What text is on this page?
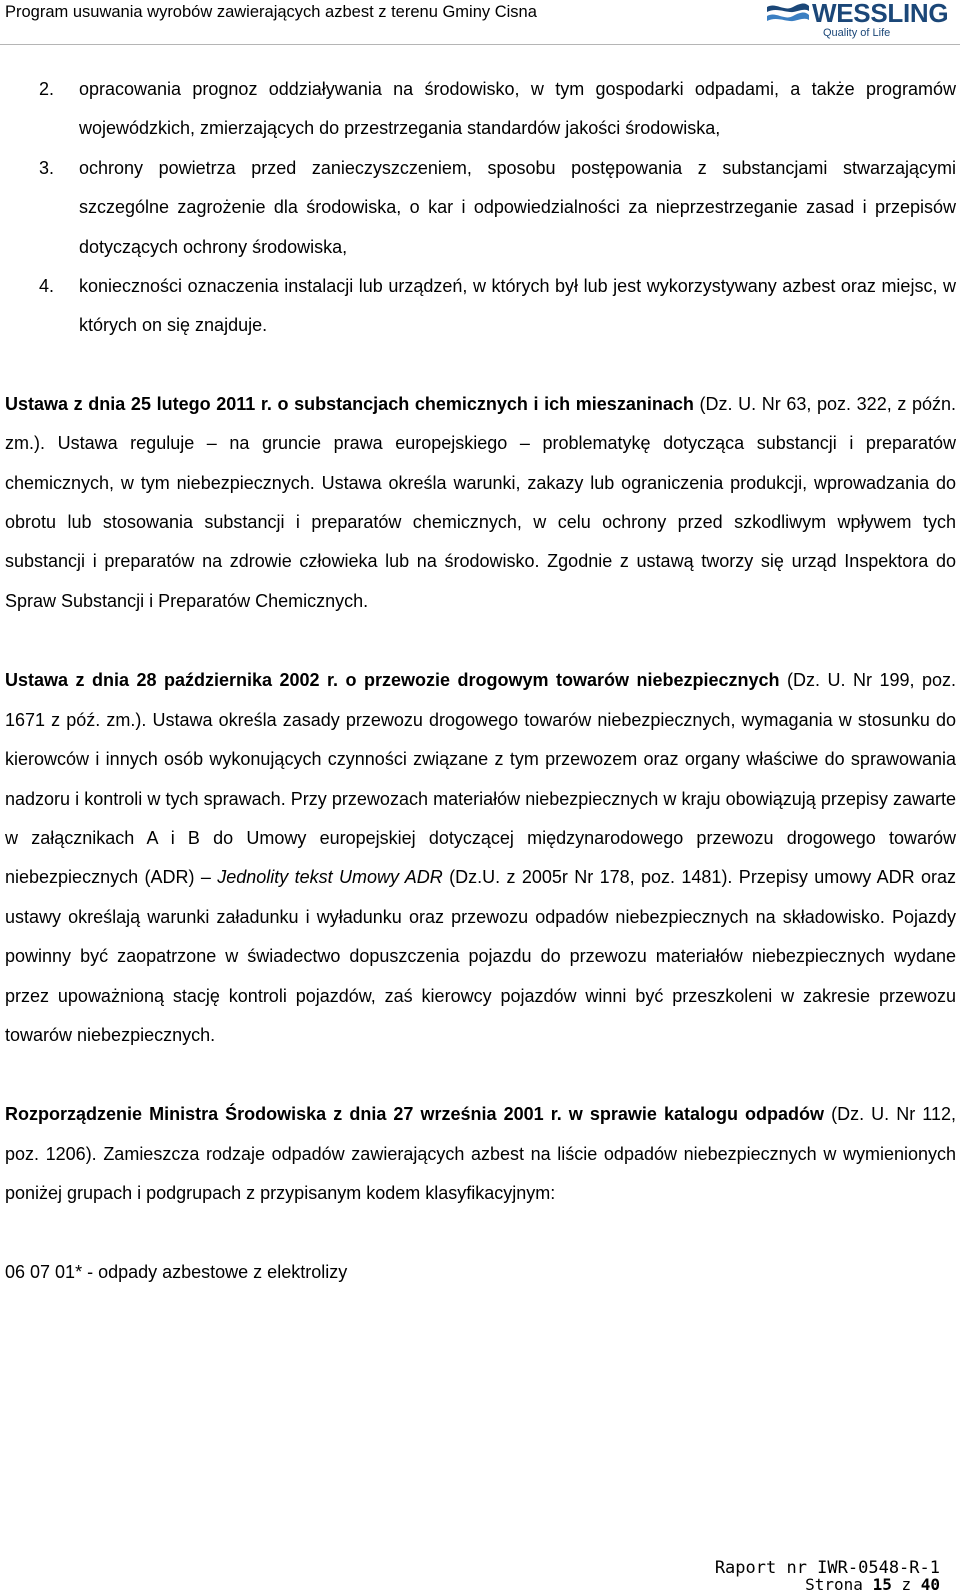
Program usuwania wyrobów zawierających azbest z terenu Gminy Cisna	WESSLING
Quality of Life
2. opracowania prognoz oddziaływania na środowisko, w tym gospodarki odpadami, a także programów wojewódzkich, zmierzających do przestrzegania standardów jakości środowiska,
3. ochrony powietrza przed zanieczyszczeniem, sposobu postępowania z substancjami stwarzającymi szczególne zagrożenie dla środowiska, o kar i odpowiedzialności za nieprzestrzeganie zasad i przepisów dotyczących ochrony środowiska,
4. konieczności oznaczenia instalacji lub urządzeń, w których był lub jest wykorzystywany azbest oraz miejsc, w których on się znajduje.

Ustawa z dnia 25 lutego 2011 r. o substancjach chemicznych i ich mieszaninach (Dz. U. Nr 63, poz. 322, z późn. zm.). Ustawa reguluje – na gruncie prawa europejskiego – problematykę dotycząca substancji i preparatów chemicznych, w tym niebezpiecznych. Ustawa określa warunki, zakazy lub ograniczenia produkcji, wprowadzania do obrotu lub stosowania substancji i preparatów chemicznych, w celu ochrony przed szkodliwym wpływem tych substancji i preparatów na zdrowie człowieka lub na środowisko. Zgodnie z ustawą tworzy się urząd Inspektora do Spraw Substancji i Preparatów Chemicznych.

Ustawa z dnia 28 października 2002 r. o przewozie drogowym towarów niebezpiecznych (Dz. U. Nr 199, poz. 1671 z póź. zm.). Ustawa określa zasady przewozu drogowego towarów niebezpiecznych, wymagania w stosunku do kierowców i innych osób wykonujących czynności związane z tym przewozem oraz organy właściwe do sprawowania nadzoru i kontroli w tych sprawach. Przy przewozach materiałów niebezpiecznych w kraju obowiązują przepisy zawarte w załącznikach A i B do Umowy europejskiej dotyczącej międzynarodowego przewozu drogowego towarów niebezpiecznych (ADR) – Jednolity tekst Umowy ADR (Dz.U. z 2005r Nr 178, poz. 1481). Przepisy umowy ADR oraz ustawy określają warunki załadunku i wyładunku oraz przewozu odpadów niebezpiecznych na składowisko. Pojazdy powinny być zaopatrzone w świadectwo dopuszczenia pojazdu do przewozu materiałów niebezpiecznych wydane przez upoważnioną stację kontroli pojazdów, zaś kierowcy pojazdów winni być przeszkoleni w zakresie przewozu towarów niebezpiecznych.

Rozporządzenie Ministra Środowiska z dnia 27 września 2001 r. w sprawie katalogu odpadów (Dz. U. Nr 112, poz. 1206). Zamieszcza rodzaje odpadów zawierających azbest na liście odpadów niebezpiecznych w wymienionych poniżej grupach i podgrupach z przypisanym kodem klasyfikacyjnym:

06 07 01* - odpady azbestowe z elektrolizy

Raport nr IWR-0548-R-1
Strona 15 z 40
